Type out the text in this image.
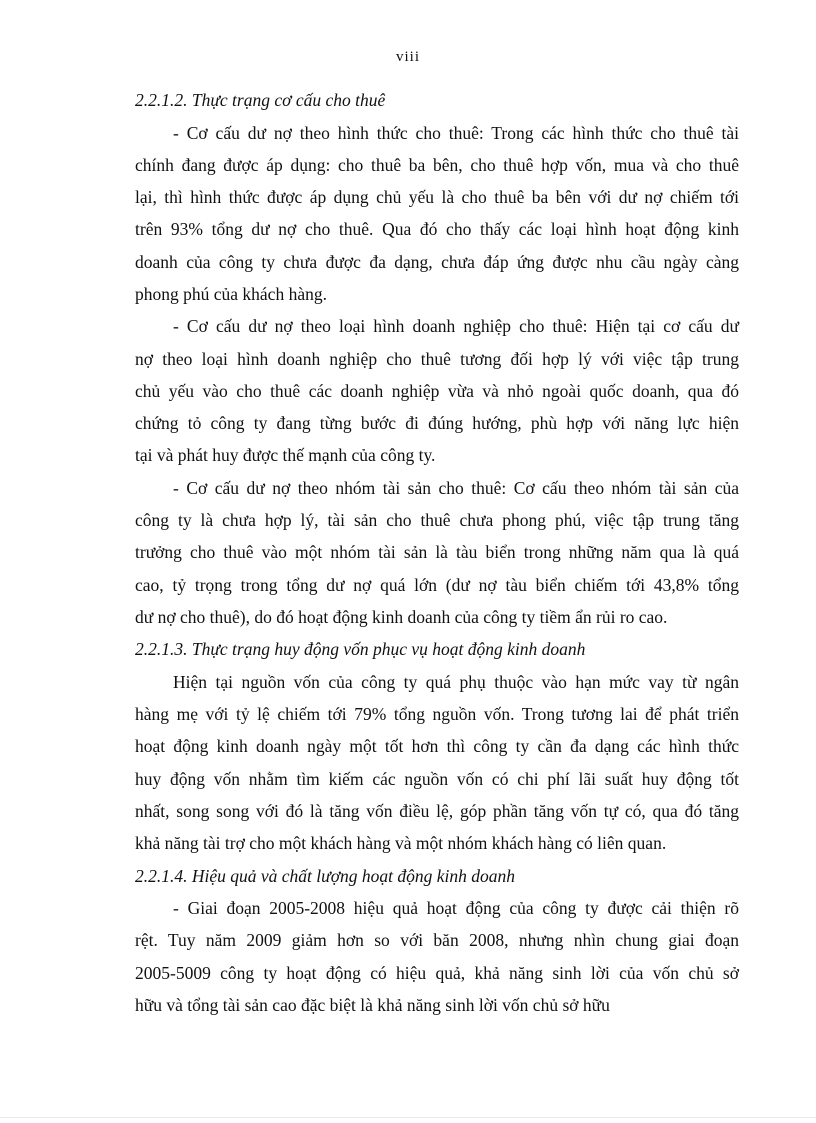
viii
2.2.1.2. Thực trạng cơ cấu cho thuê

- Cơ cấu dư nợ theo hình thức cho thuê: Trong các hình thức cho thuê tài
chính đang được áp dụng: cho thuê ba bên, cho thuê hợp vốn, mua và cho thuê
lại, thì hình thức được áp dụng chủ yếu là cho thuê ba bên với dư nợ chiếm tới
trên 93% tổng dư nợ cho thuê. Qua đó cho thấy các loại hình hoạt động kinh
doanh của công ty chưa được đa dạng, chưa đáp ứng được nhu cầu ngày càng
phong phú của khách hàng.

- Cơ cấu dư nợ theo loại hình doanh nghiệp cho thuê: Hiện tại cơ cấu dư
nợ theo loại hình doanh nghiệp cho thuê tương đối hợp lý với việc tập trung
chủ yếu vào cho thuê các doanh nghiệp vừa và nhỏ ngoài quốc doanh, qua đó
chứng tỏ công ty đang từng bước đi đúng hướng, phù hợp với năng lực hiện
tại và phát huy được thế mạnh của công ty.

- Cơ cấu dư nợ theo nhóm tài sản cho thuê: Cơ cấu theo nhóm tài sản của
công ty là chưa hợp lý, tài sản cho thuê chưa phong phú, việc tập trung tăng
trưởng cho thuê vào một nhóm tài sản là tàu biển trong những năm qua là quá
cao, tỷ trọng trong tổng dư nợ quá lớn (dư nợ tàu biển chiếm tới 43,8% tổng
dư nợ cho thuê), do đó hoạt động kinh doanh của công ty tiềm ẩn rủi ro cao.

2.2.1.3. Thực trạng huy động vốn phục vụ hoạt động kinh doanh

Hiện tại nguồn vốn của công ty quá phụ thuộc vào hạn mức vay từ ngân
hàng mẹ với tỷ lệ chiếm tới 79% tổng nguồn vốn. Trong tương lai để phát triển
hoạt động kinh doanh ngày một tốt hơn thì công ty cần đa dạng các hình thức
huy động vốn nhằm tìm kiếm các nguồn vốn có chi phí lãi suất huy động tốt
nhất, song song với đó là tăng vốn điều lệ, góp phần tăng vốn tự có, qua đó tăng
khả năng tài trợ cho một khách hàng và một nhóm khách hàng có liên quan.

2.2.1.4. Hiệu quả và chất lượng hoạt động kinh doanh

- Giai đoạn 2005-2008 hiệu quả hoạt động của công ty được cải thiện rõ
rệt. Tuy năm 2009 giảm hơn so với băn 2008, nhưng nhìn chung giai đoạn
2005-5009 công ty hoạt động có hiệu quả, khả năng sinh lời của vốn chủ sở
hữu và tổng tài sản cao đặc biệt là khả năng sinh lời vốn chủ sở hữu
